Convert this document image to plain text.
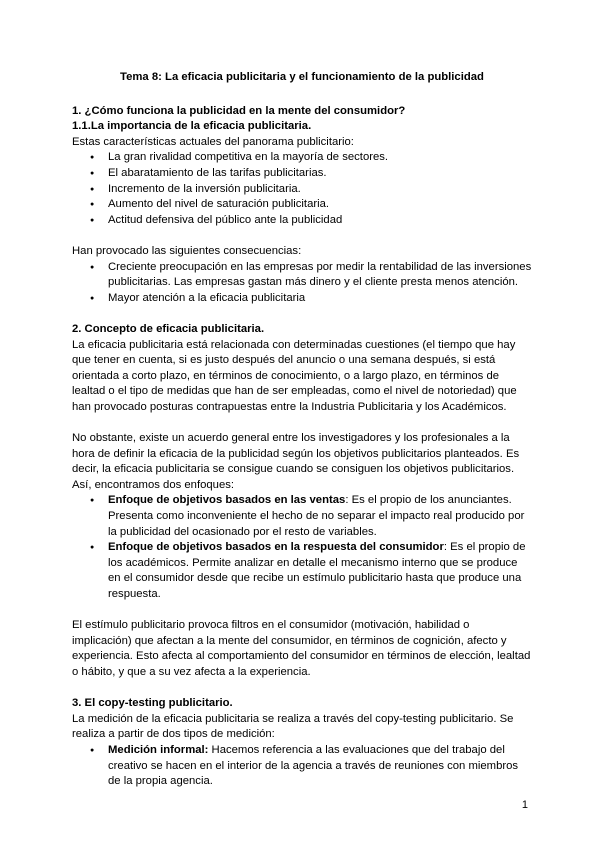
Tema 8: La eficacia publicitaria y el funcionamiento de la publicidad
1. ¿Cómo funciona la publicidad en la mente del consumidor?
1.1.La importancia de la eficacia publicitaria.

Estas características actuales del panorama publicitario:

● La gran rivalidad competitiva en la mayoría de sectores.
● El abaratamiento de las tarifas publicitarias.
● Incremento de la inversión publicitaria.
● Aumento del nivel de saturación publicitaria.
● Actitud defensiva del público ante la publicidad

Han provocado las siguientes consecuencias:

● Creciente preocupación en las empresas por medir la rentabilidad de las inversiones publicitarias. Las empresas gastan más dinero y el cliente presta menos atención.
● Mayor atención a la eficacia publicitaria
2. Concepto de eficacia publicitaria.

La eficacia publicitaria está relacionada con determinadas cuestiones (el tiempo que hay que tener en cuenta, si es justo después del anuncio o una semana después, si está orientada a corto plazo, en términos de conocimiento, o a largo plazo, en términos de lealtad o el tipo de medidas que han de ser empleadas, como el nivel de notoriedad) que han provocado posturas contrapuestas entre la Industria Publicitaria y los Académicos.

No obstante, existe un acuerdo general entre los investigadores y los profesionales a la hora de definir la eficacia de la publicidad según los objetivos publicitarios planteados. Es decir, la eficacia publicitaria se consigue cuando se consiguen los objetivos publicitarios. Así, encontramos dos enfoques:

● Enfoque de objetivos basados en las ventas: Es el propio de los anunciantes. Presenta como inconveniente el hecho de no separar el impacto real producido por la publicidad del ocasionado por el resto de variables.
● Enfoque de objetivos basados en la respuesta del consumidor: Es el propio de los académicos. Permite analizar en detalle el mecanismo interno que se produce en el consumidor desde que recibe un estímulo publicitario hasta que produce una respuesta.

El estímulo publicitario provoca filtros en el consumidor (motivación, habilidad o implicación) que afectan a la mente del consumidor, en términos de cognición, afecto y experiencia. Esto afecta al comportamiento del consumidor en términos de elección, lealtad o hábito, y que a su vez afecta a la experiencia.

3. El copy-testing publicitario.

La medición de la eficacia publicitaria se realiza a través del copy-testing publicitario. Se realiza a partir de dos tipos de medición:

● Medición informal: Hacemos referencia a las evaluaciones que del trabajo del creativo se hacen en el interior de la agencia a través de reuniones con miembros de la propia agencia.
1
